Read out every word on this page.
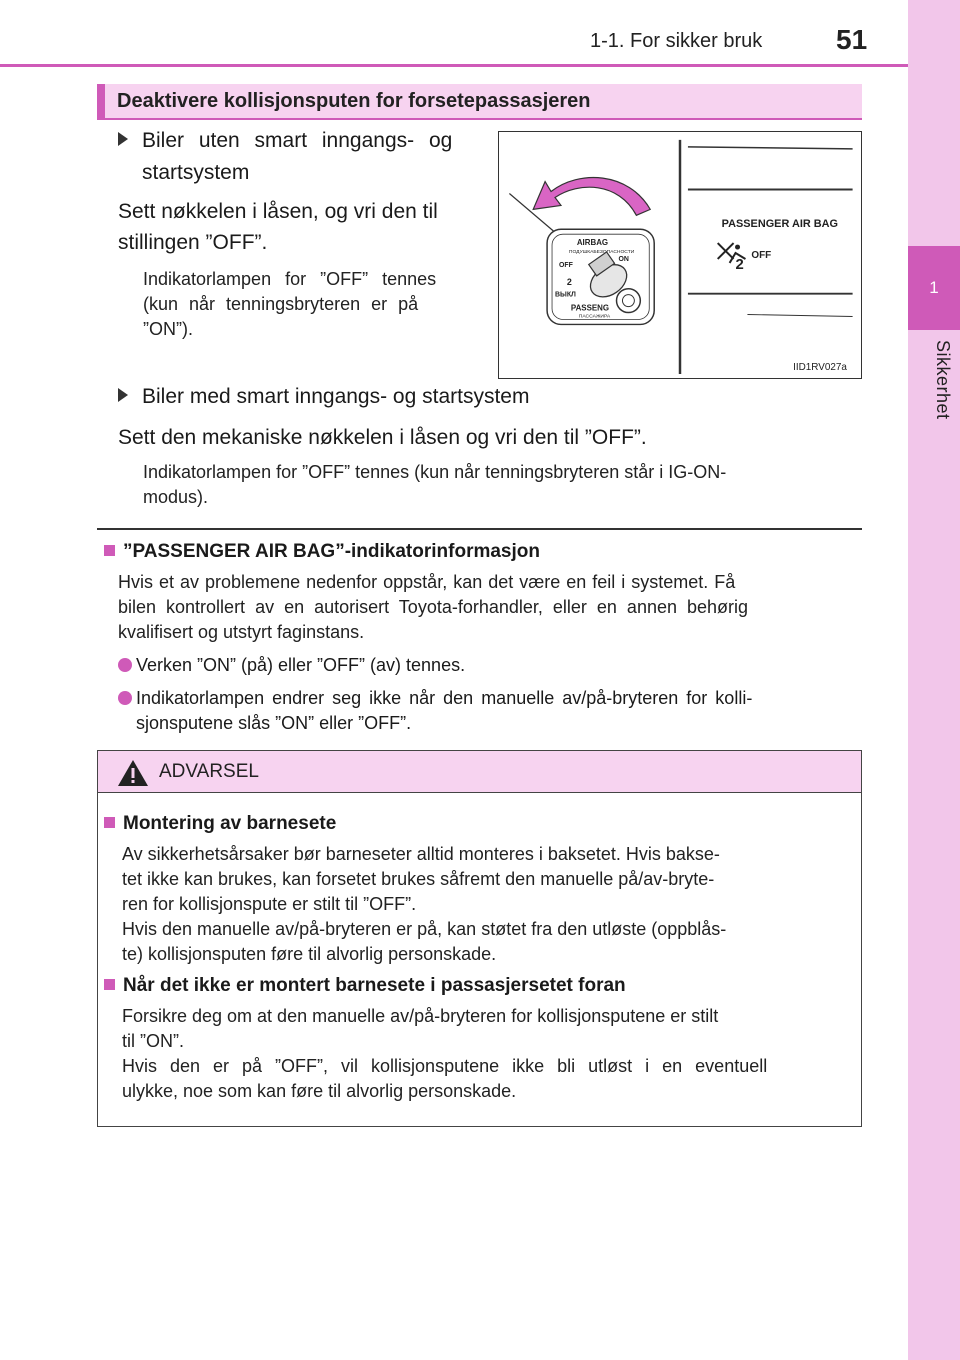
1
Sikkerhet
1-1. For sikker bruk	51
Deaktivere kollisjonsputen for forsetepassasjeren
Biler uten smart inngangs- og
startsystem
Sett nøkkelen i låsen, og vri den til
stillingen ”OFF”.
Indikatorlampen for ”OFF” tennes
(kun når tenningsbryteren er på
”ON”).
PASSENGER AIR BAG
2
OFF
AIRBAG
ПОДУШКАБЕЗОПАСНОСТИ
OFF
ON
2
ВЫКЛ
PASSENG
ПАССАЖИРА
IID1RV027a
Biler med smart inngangs- og startsystem
Sett den mekaniske nøkkelen i låsen og vri den til ”OFF”.
Indikatorlampen for ”OFF” tennes (kun når tenningsbryteren står i IG-ON-
modus).
”PASSENGER AIR BAG”-indikatorinformasjon
Hvis et av problemene nedenfor oppstår, kan det være en feil i systemet. Få
bilen kontrollert av en autorisert Toyota-forhandler, eller en annen behørig
kvalifisert og utstyrt faginstans.
Verken ”ON” (på) eller ”OFF” (av) tennes.
Indikatorlampen endrer seg ikke når den manuelle av/på-bryteren for kolli-
sjonsputene slås ”ON” eller ”OFF”.
ADVARSEL
Montering av barnesete
Av sikkerhetsårsaker bør barneseter alltid monteres i baksetet. Hvis bakse-
tet ikke kan brukes, kan forsetet brukes såfremt den manuelle på/av-bryte-
ren for kollisjonspute er stilt til ”OFF”.
Hvis den manuelle av/på-bryteren er på, kan støtet fra den utløste (oppblås-
te) kollisjonsputen føre til alvorlig personskade.
Når det ikke er montert barnesete i passasjersetet foran
Forsikre deg om at den manuelle av/på-bryteren for kollisjonsputene er stilt
til ”ON”.
Hvis den er på ”OFF”, vil kollisjonsputene ikke bli utløst i en eventuell
ulykke, noe som kan føre til alvorlig personskade.
